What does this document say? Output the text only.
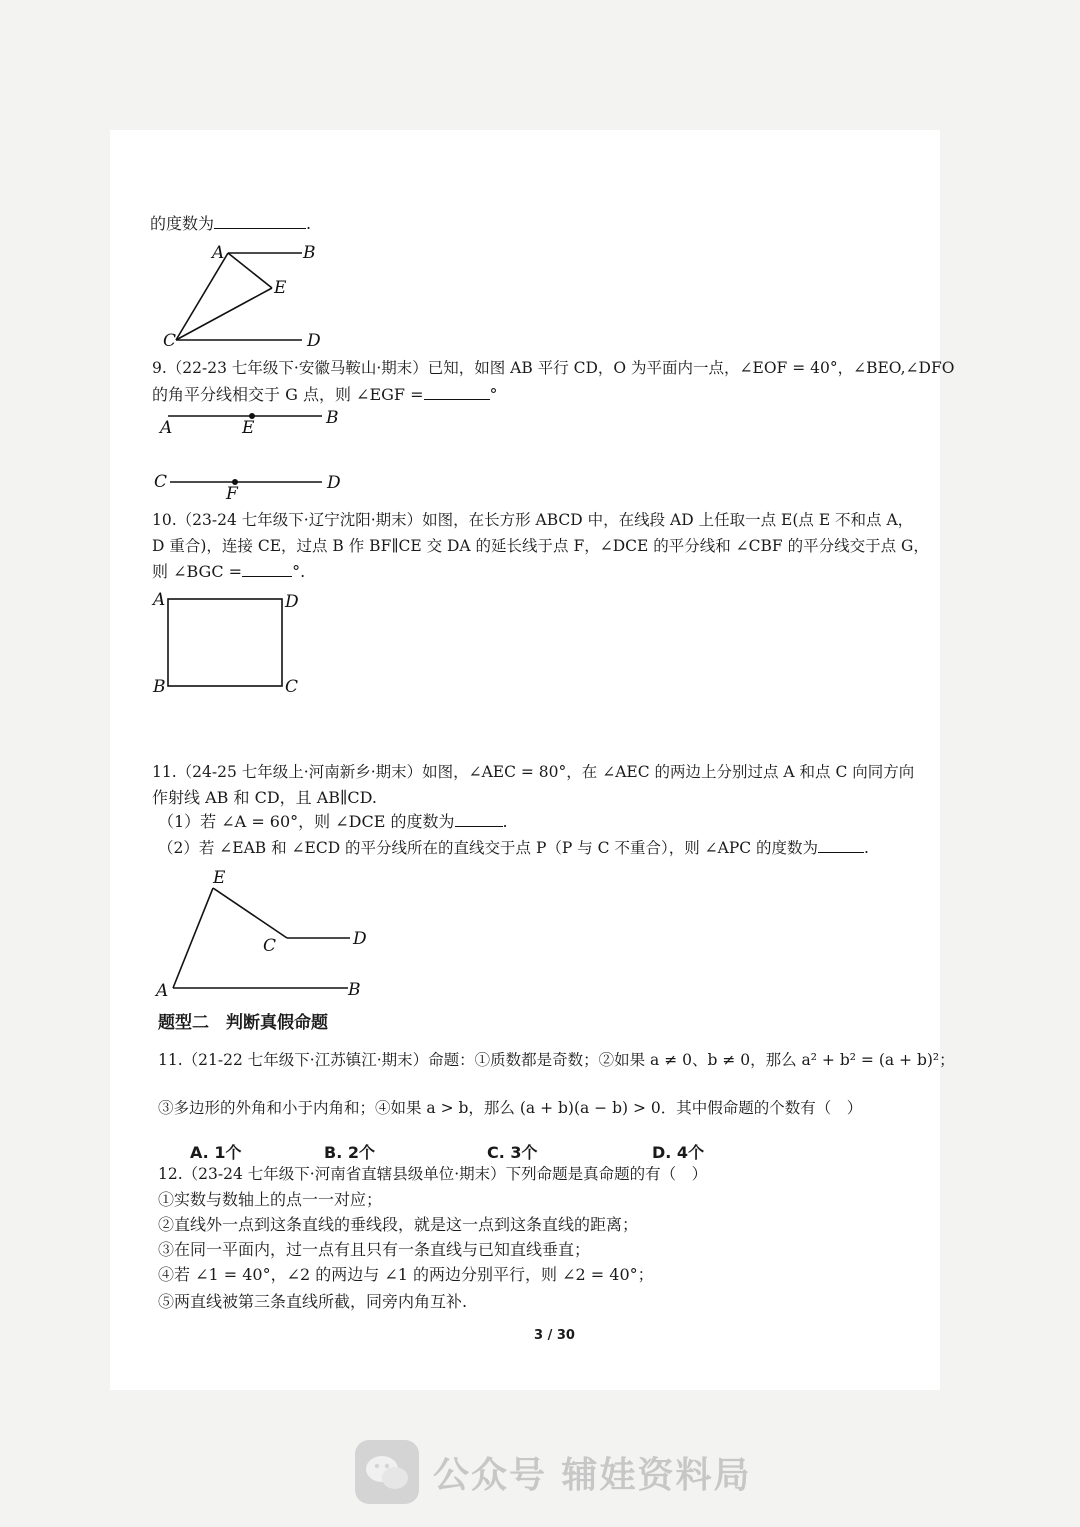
的度数为	.
A	B
E
C	D
9.（22-23 七年级下·安徽马鞍山·期末）已知，如图 AB 平行 CD，O 为平面内一点，∠EOF = 40°，∠BEO,∠DFO
的角平分线相交于 G 点，则 ∠EGF =	°
A	E	B
C
F
D
10.（23-24 七年级下·辽宁沈阳·期末）如图，在长方形 ABCD 中，在线段 AD 上任取一点 E(点 E 不和点 A，
D 重合)，连接 CE，过点 B 作 BF∥CE 交 DA 的延长线于点 F，∠DCE 的平分线和 ∠CBF 的平分线交于点 G，
则 ∠BGC =	°.
A	D
B	C
11.（24-25 七年级上·河南新乡·期末）如图，∠AEC = 80°，在 ∠AEC 的两边上分别过点 A 和点 C 向同方向
作射线 AB 和 CD，且 AB∥CD.
（1）若 ∠A = 60°，则 ∠DCE 的度数为	.
（2）若 ∠EAB 和 ∠ECD 的平分线所在的直线交于点 P（P 与 C 不重合），则 ∠APC 的度数为	.
E
C	D
A	B
题型二　判断真假命题
11.（21-22 七年级下·江苏镇江·期末）命题：①质数都是奇数；②如果 a ≠ 0、b ≠ 0，那么 a² + b² = (a + b)²；
③多边形的外角和小于内角和；④如果 a > b，那么 (a + b)(a − b) > 0．其中假命题的个数有（　）
A. 1个	B. 2个	C. 3个	D. 4个
12.（23-24 七年级下·河南省直辖县级单位·期末）下列命题是真命题的有（　）
①实数与数轴上的点一一对应；
②直线外一点到这条直线的垂线段，就是这一点到这条直线的距离；
③在同一平面内，过一点有且只有一条直线与已知直线垂直；
④若 ∠1 = 40°，∠2 的两边与 ∠1 的两边分别平行，则 ∠2 = 40°；
⑤两直线被第三条直线所截，同旁内角互补.
3 / 30
公众号 辅娃资料局
